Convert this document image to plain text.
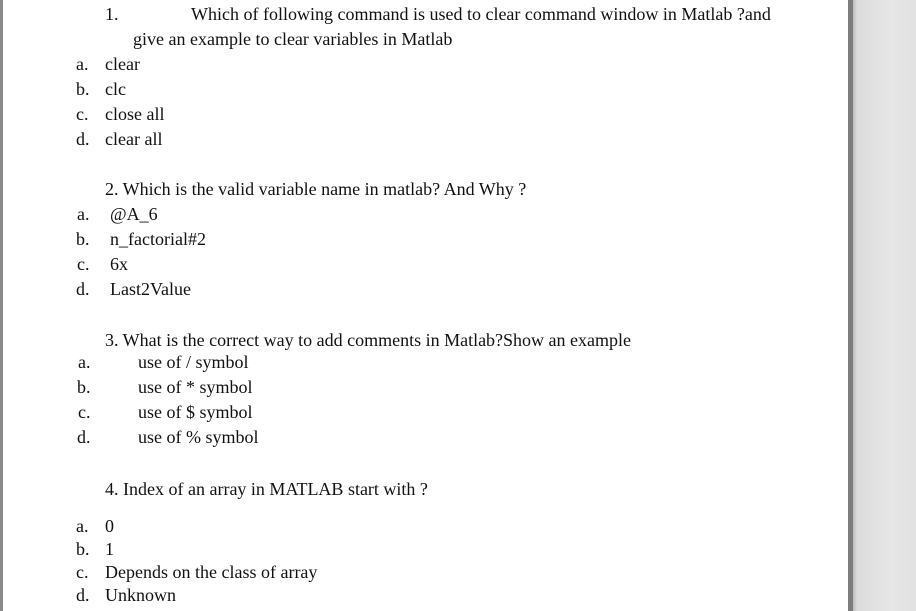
1.	Which of following command is used to clear command window in Matlab ?and
give an example to clear variables in Matlab
a. clear
b. clc
c. close all
d. clear all
2. Which is the valid variable name in matlab? And Why ?
a. @A_6
b. n_factorial#2
c. 6x
d. Last2Value
3. What is the correct way to add comments in Matlab?Show an example
a.	use of / symbol
b.	use of * symbol
c.	use of $ symbol
d.	use of % symbol
4. Index of an array in MATLAB start with ?
a. 0
b. 1
c. Depends on the class of array
d. Unknown
